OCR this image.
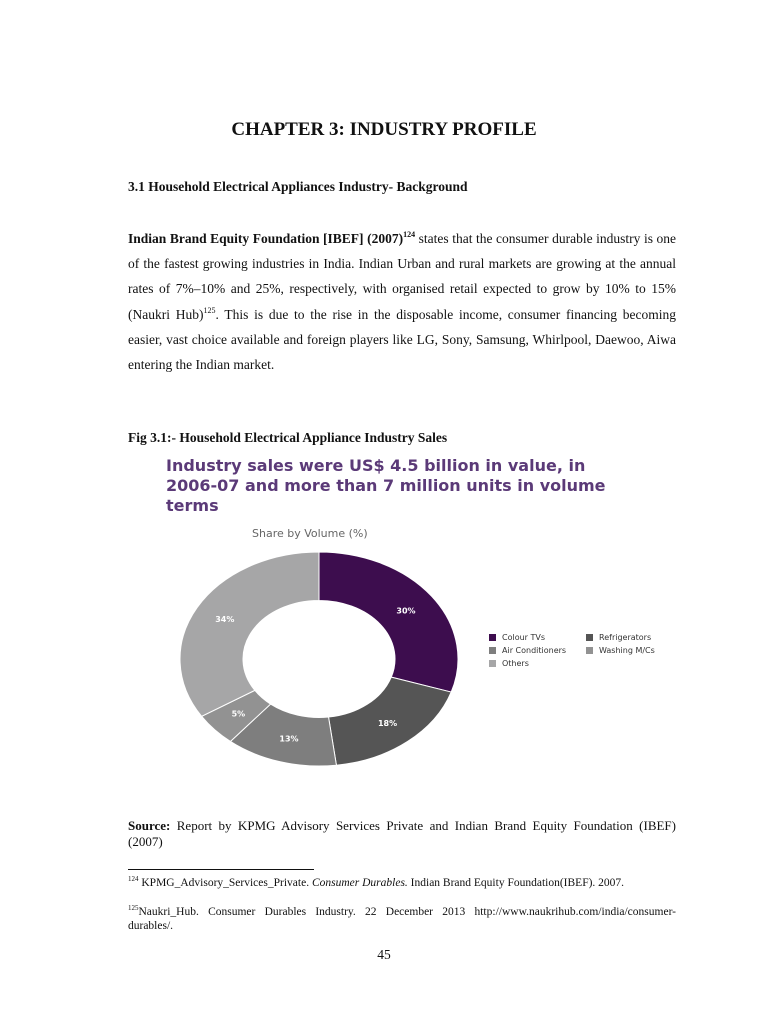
CHAPTER 3: INDUSTRY PROFILE
3.1 Household Electrical Appliances Industry- Background

Indian Brand Equity Foundation [IBEF] $(2007)^{124}$ states that the consumer durable industry is one of the fastest growing industries in India. Indian Urban and rural markets are growing at the annual rates of 7%–10% and 25%, respectively, with organised retail expected to grow by 10% to 15% (Naukri Hub)$^{125}$. This is due to the rise in the disposable income, consumer financing becoming easier, vast choice available and foreign players like LG, Sony, Samsung, Whirlpool, Daewoo, Aiwa entering the Indian market.

Fig 3.1:- Household Electrical Appliance Industry Sales

Industry sales were US$ 4.5 billion in value, in 2006-07 and more than 7 million units in volume terms
Share by Volume (%)
30%
18%
13%
5%
34%
Colour TVs	Refrigerators
Air Conditioners	Washing M/Cs
Others

Source: Report by KPMG Advisory Services Private and Indian Brand Equity Foundation (IBEF) (2007)

$^{124}$ KPMG_Advisory_Services_Private. Consumer Durables. Indian Brand Equity Foundation(IBEF). 2007.

$^{125}$Naukri_Hub. Consumer Durables Industry. 22 December 2013 http://www.naukrihub.com/india/consumer-durables/.

45
